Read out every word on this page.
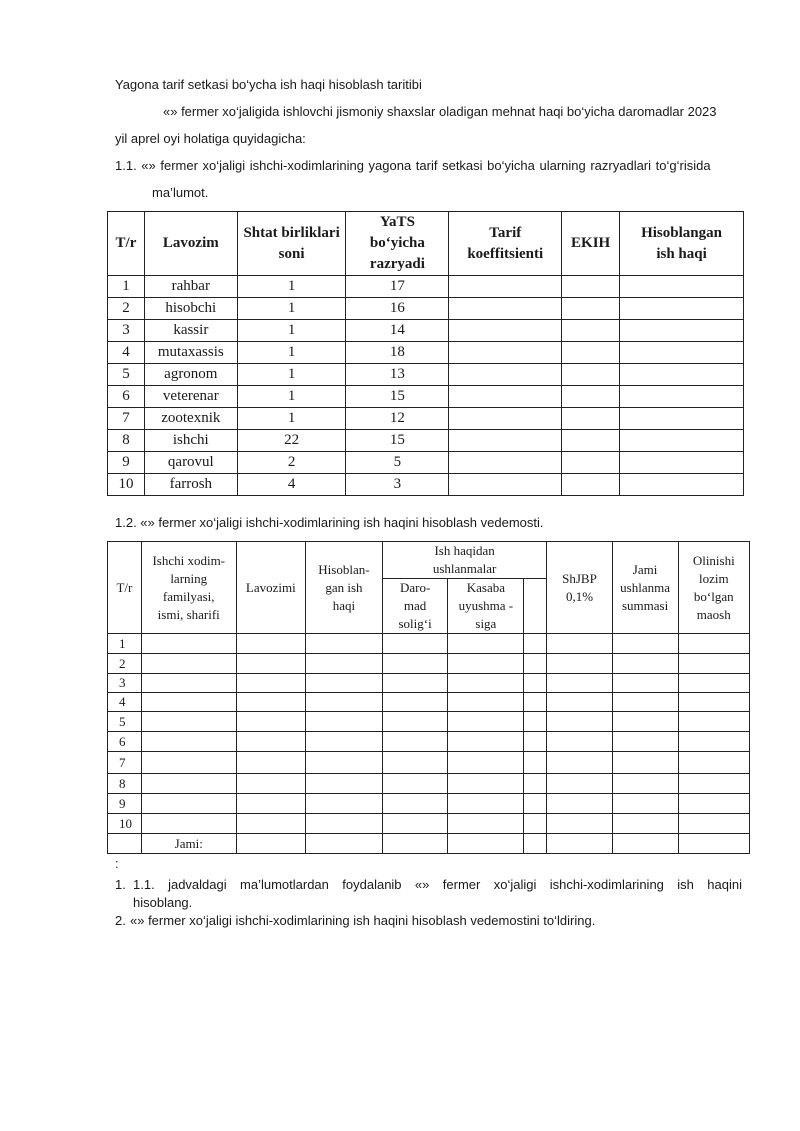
Yagona tarif setkasi bo‘ycha ish haqi hisoblash taritibi
«» fermer xo‘jaligida ishlovchi jismoniy shaxslar oladigan mehnat haqi bo‘yicha daromadlar 2023
yil aprel oyi holatiga quyidagicha:
1.1. «» fermer xo‘jaligi ishchi-xodimlarining yagona tarif setkasi bo‘yicha ularning razryadlari to‘g‘risida
ma’lumot.
T/r	Lavozim	Shtat birliklari soni	YaTS bo‘yicha razryadi	Tarif koeffitsienti	EKIH	Hisoblangan ish haqi
1	rahbar	1	17			
2	hisobchi	1	16			
3	kassir	1	14			
4	mutaxassis	1	18			
5	agronom	1	13			
6	veterenar	1	15			
7	zootexnik	1	12			
8	ishchi	22	15			
9	qarovul	2	5			
10	farrosh	4	3			
1.2. «» fermer xo‘jaligi ishchi-xodimlarining ish haqini hisoblash vedemosti.
T/r	Ishchi xodim-larning familyasi, ismi, sharifi	Lavozimi	Hisoblan-gan ish haqi	Ish haqidan ushlanmalar			ShJBP 0,1%	Jami ushlanma summasi	Olinishi lozim bo‘lgan maosh
				Daro-mad solig‘i	Kasaba uyushma -siga				
1									
2									
3									
4									
5									
6									
7									
8									
9									
10									
	Jami:								
:
1. 1.1. jadvaldagi ma’lumotlardan foydalanib «» fermer xo‘jaligi ishchi-xodimlarining ish haqini
hisoblang.
2. «» fermer xo‘jaligi ishchi-xodimlarining ish haqini hisoblash vedemostini to‘ldiring.
